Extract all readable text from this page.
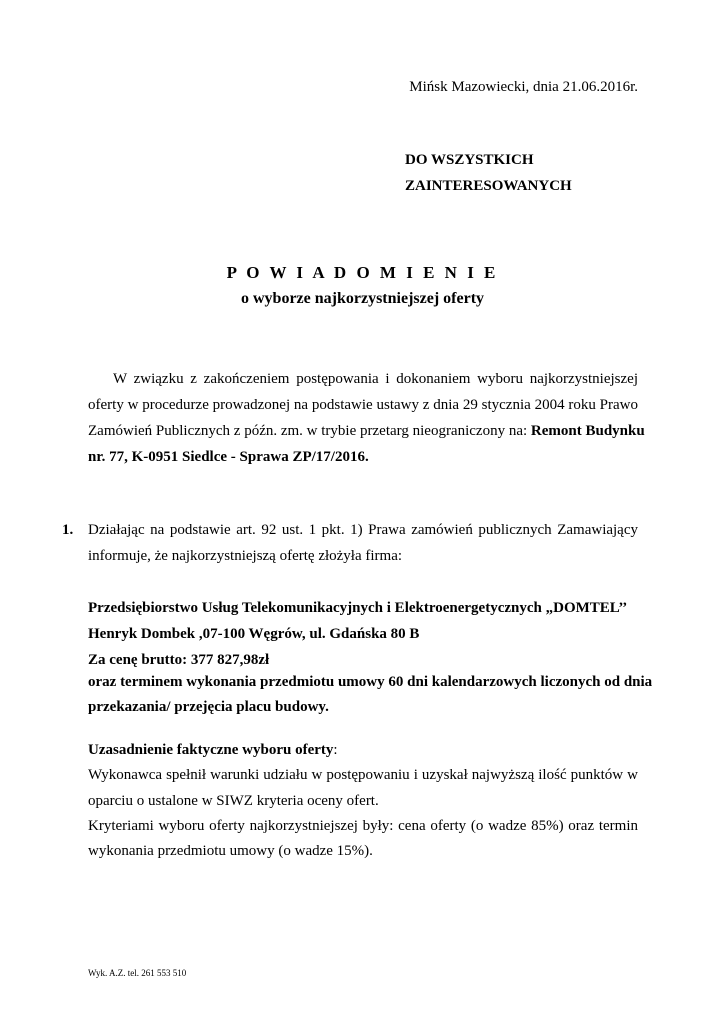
Mińsk Mazowiecki, dnia 21.06.2016r.
DO WSZYSTKICH
ZAINTERESOWANYCH
P O W I A D O M I E N I E
o wyborze najkorzystniejszej oferty
W związku z zakończeniem postępowania i dokonaniem wyboru najkorzystniejszej
oferty w procedurze prowadzonej na podstawie ustawy z dnia 29 stycznia 2004 roku Prawo
Zamówień Publicznych z późn. zm. w trybie przetarg nieograniczony na: Remont Budynku
nr. 77, K-0951 Siedlce - Sprawa ZP/17/2016.
1. Działając na podstawie art. 92 ust. 1 pkt. 1) Prawa zamówień publicznych Zamawiający
informuje, że najkorzystniejszą ofertę złożyła firma:
Przedsiębiorstwo Usług Telekomunikacyjnych i Elektroenergetycznych „DOMTEL’’
Henryk Dombek ,07-100 Węgrów, ul. Gdańska 80 B
Za cenę brutto: 377 827,98zł
oraz terminem wykonania przedmiotu umowy 60 dni kalendarzowych liczonych od dnia
przekazania/ przejęcia placu budowy.
Uzasadnienie faktyczne wyboru oferty:
Wykonawca spełnił warunki udziału w postępowaniu i uzyskał najwyższą ilość punktów w
oparciu o ustalone w SIWZ kryteria oceny ofert.
Kryteriami wyboru oferty najkorzystniejszej były: cena oferty (o wadze 85%) oraz termin
wykonania przedmiotu umowy (o wadze 15%).
Wyk. A.Z. tel. 261 553 510
